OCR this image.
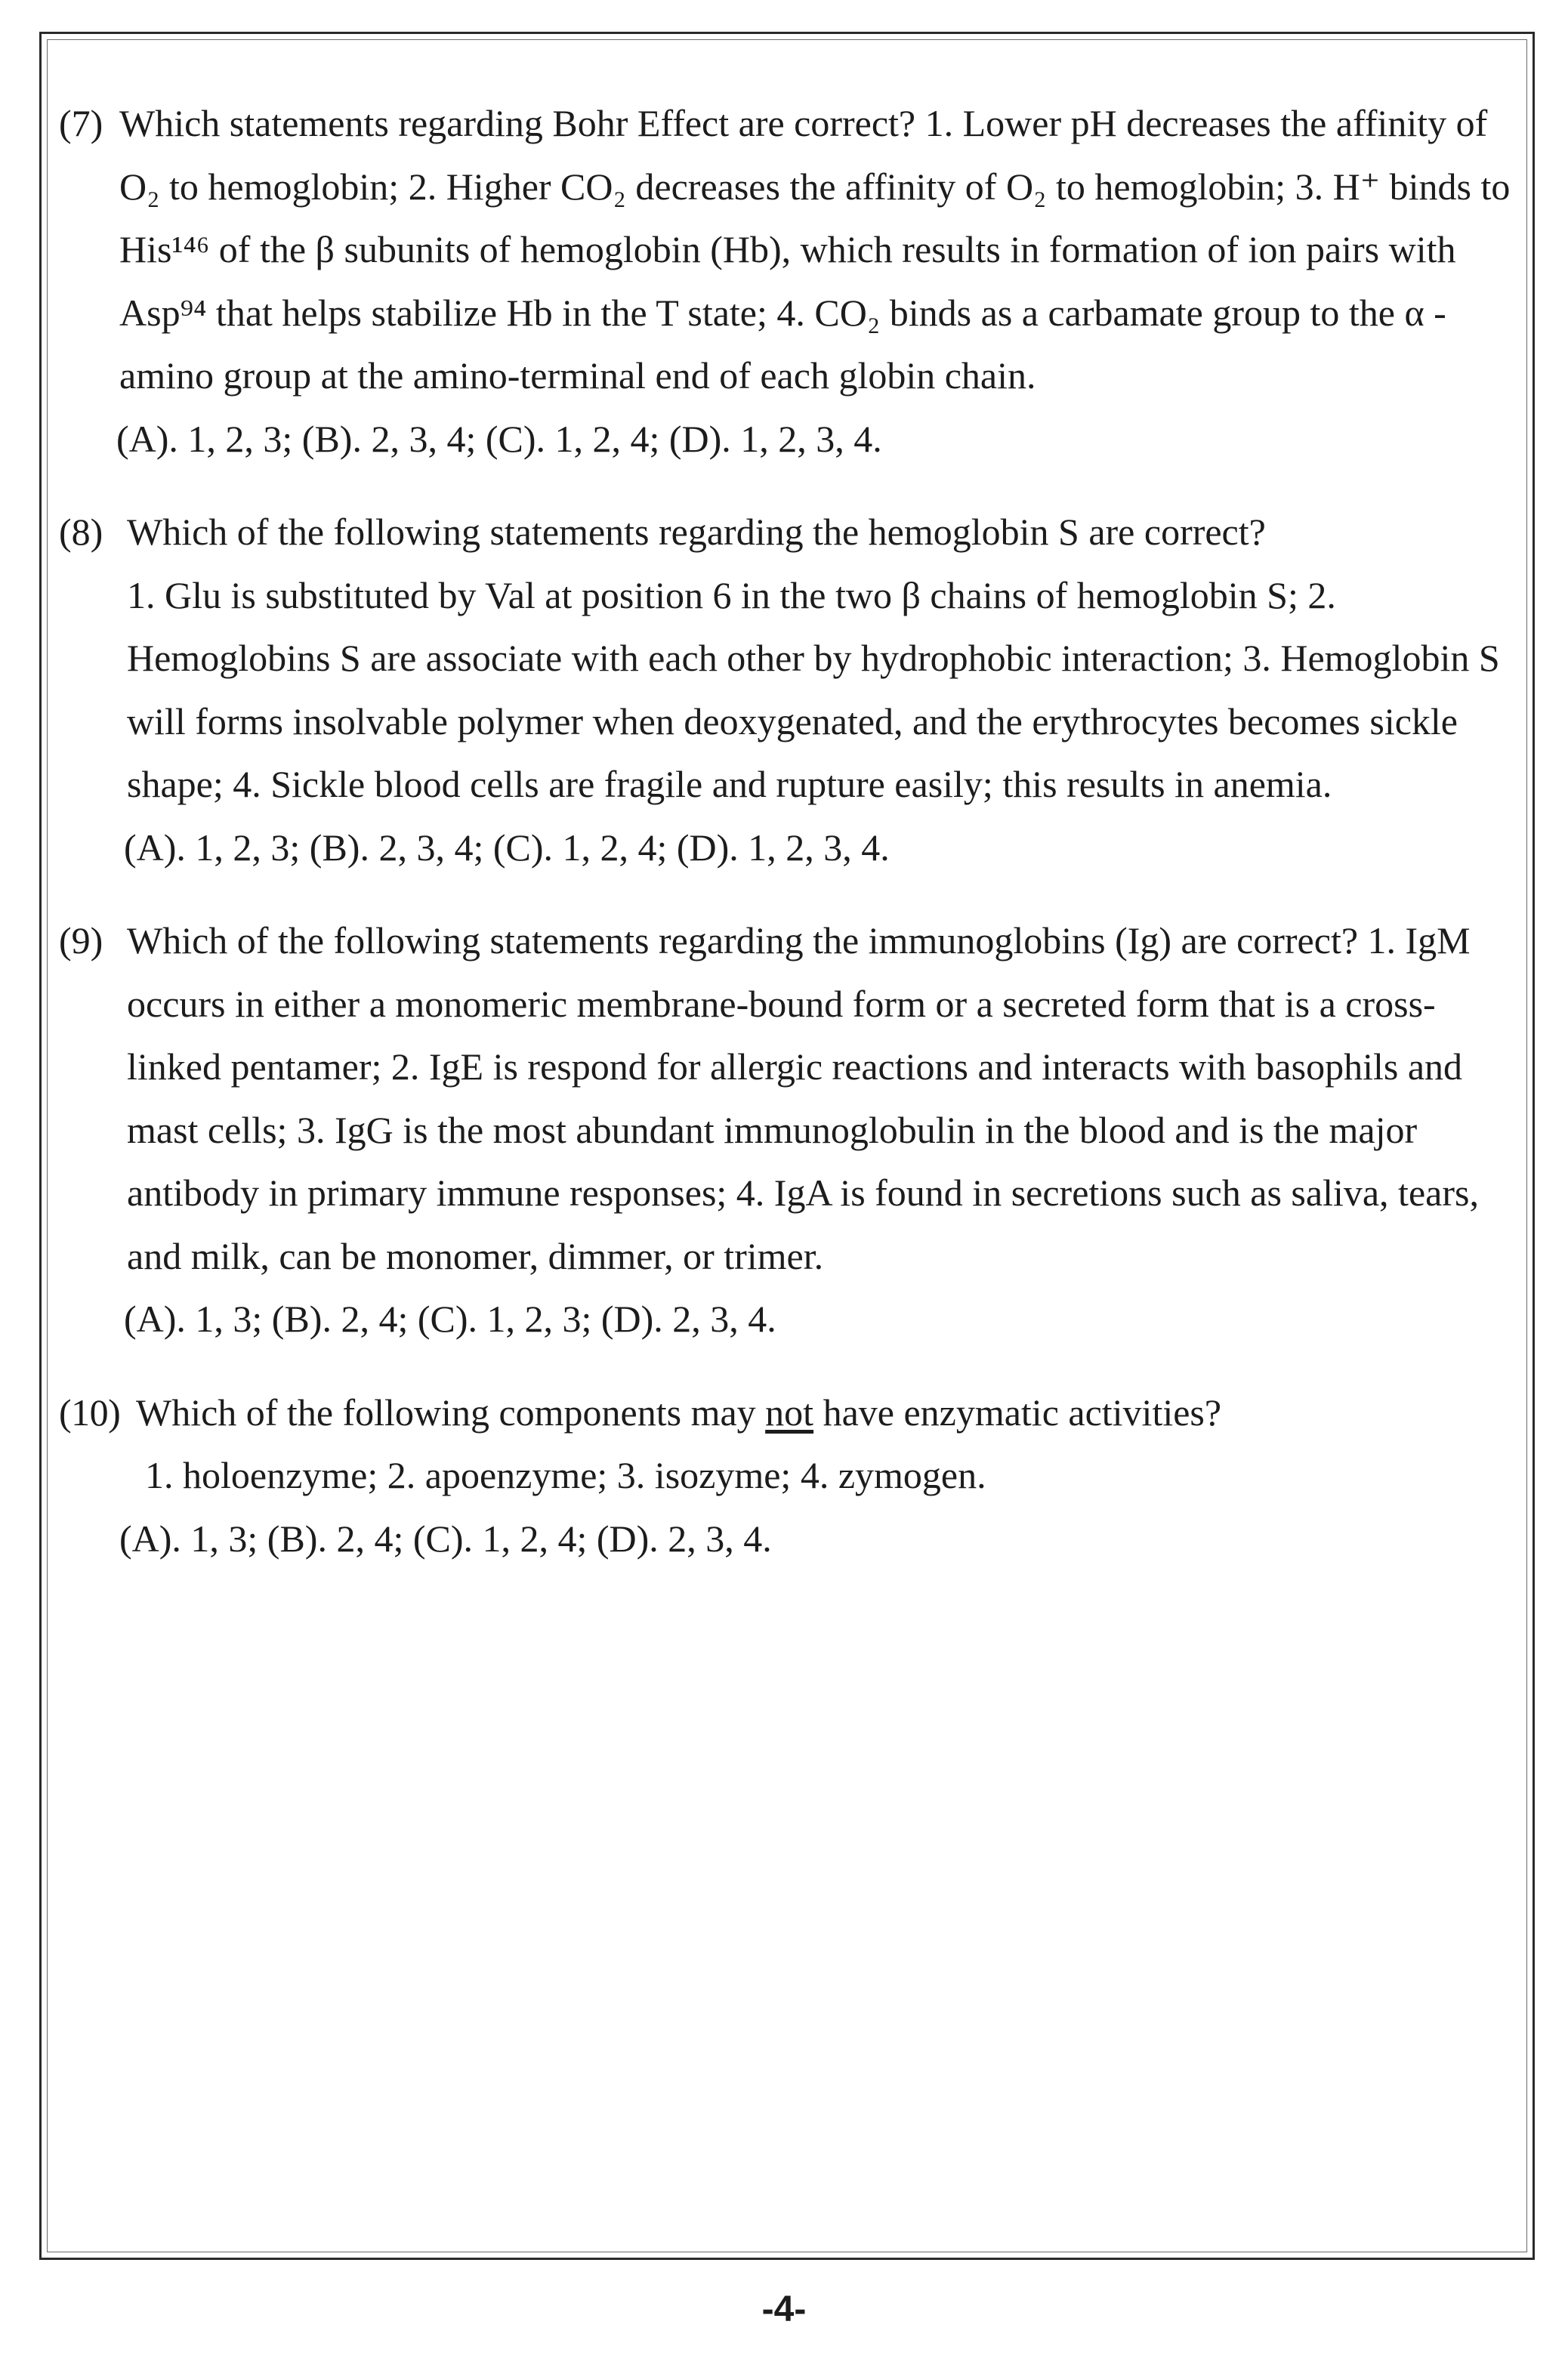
(7) Which statements regarding Bohr Effect are correct? 1. Lower pH decreases the affinity of O₂ to hemoglobin; 2. Higher CO₂ decreases the affinity of O₂ to hemoglobin; 3. H⁺ binds to His¹⁴⁶ of the β subunits of hemoglobin (Hb), which results in formation of ion pairs with Asp⁹⁴ that helps stabilize Hb in the T state; 4. CO₂ binds as a carbamate group to the α -amino group at the amino-terminal end of each globin chain.
(A). 1, 2, 3; (B). 2, 3, 4; (C). 1, 2, 4; (D). 1, 2, 3, 4.
(8) Which of the following statements regarding the hemoglobin S are correct?
1. Glu is substituted by Val at position 6 in the two β chains of hemoglobin S; 2. Hemoglobins S are associate with each other by hydrophobic interaction; 3. Hemoglobin S will forms insolvable polymer when deoxygenated, and the erythrocytes becomes sickle shape; 4. Sickle blood cells are fragile and rupture easily; this results in anemia.
(A). 1, 2, 3; (B). 2, 3, 4; (C). 1, 2, 4; (D). 1, 2, 3, 4.
(9) Which of the following statements regarding the immunoglobins (Ig) are correct? 1. IgM occurs in either a monomeric membrane-bound form or a secreted form that is a cross-linked pentamer; 2. IgE is respond for allergic reactions and interacts with basophils and mast cells; 3. IgG is the most abundant immunoglobulin in the blood and is the major antibody in primary immune responses; 4. IgA is found in secretions such as saliva, tears, and milk, can be monomer, dimmer, or trimer.
(A). 1, 3; (B). 2, 4; (C). 1, 2, 3; (D). 2, 3, 4.
(10) Which of the following components may not have enzymatic activities?
1. holoenzyme; 2. apoenzyme; 3. isozyme; 4. zymogen.
(A). 1, 3; (B). 2, 4; (C). 1, 2, 4; (D). 2, 3, 4.
-4-
